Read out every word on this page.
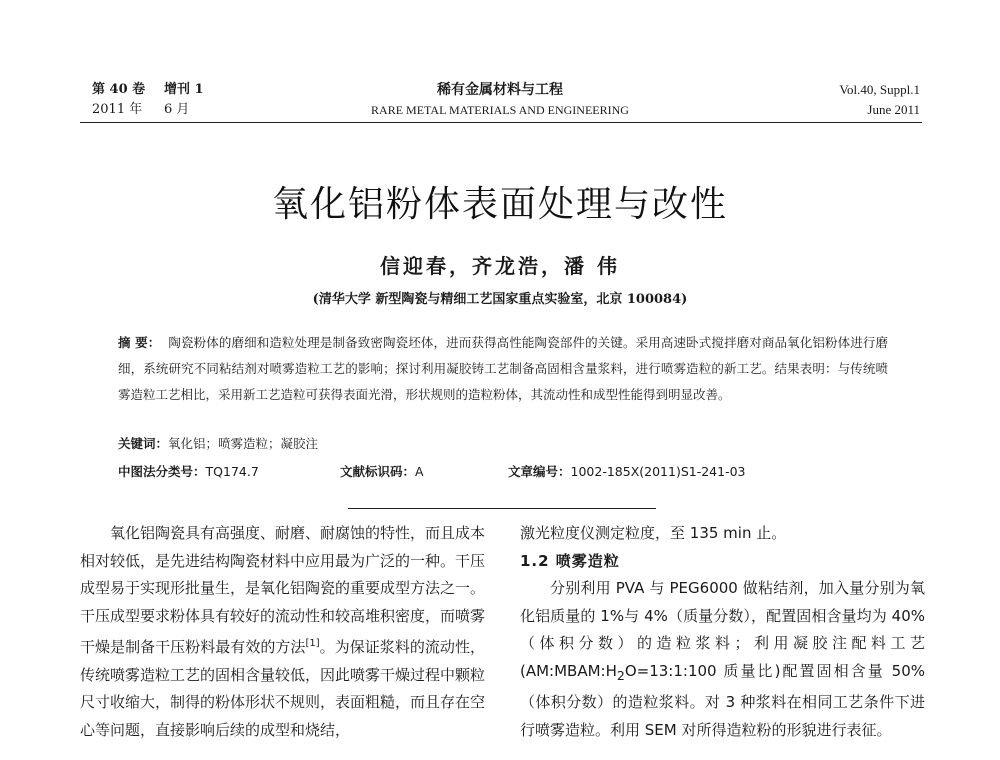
第 40 卷 增刊 1
2011 年 6 月
稀有金属材料与工程
RARE METAL MATERIALS AND ENGINEERING
Vol.40, Suppl.1
June 2011
氧化铝粉体表面处理与改性
信迎春，齐龙浩，潘 伟
(清华大学 新型陶瓷与精细工艺国家重点实验室，北京 100084)
摘 要： 陶瓷粉体的磨细和造粒处理是制备致密陶瓷坯体，进而获得高性能陶瓷部件的关键。采用高速卧式搅拌磨对商品氧化铝粉体进行磨细，系统研究不同粘结剂对喷雾造粒工艺的影响；探讨利用凝胶铸工艺制备高固相含量浆料，进行喷雾造粒的新工艺。结果表明：与传统喷雾造粒工艺相比，采用新工艺造粒可获得表面光滑，形状规则的造粒粉体，其流动性和成型性能得到明显改善。
关键词：氧化铝；喷雾造粒；凝胶注
中图法分类号：TQ174.7	文献标识码：A	文章编号：1002-185X(2011)S1-241-03

氧化铝陶瓷具有高强度、耐磨、耐腐蚀的特性，而且成本相对较低，是先进结构陶瓷材料中应用最为广泛的一种。干压成型易于实现形批量生，是氧化铝陶瓷的重要成型方法之一。干压成型要求粉体具有较好的流动性和较高堆积密度，而喷雾干燥是制备干压粉料最有效的方法[1]。为保证浆料的流动性，传统喷雾造粒工艺的固相含量较低，因此喷雾干燥过程中颗粒尺寸收缩大，制得的粉体形状不规则，表面粗糙，而且存在空心等问题，直接影响后续的成型和烧结，

激光粒度仪测定粒度，至 135 min 止。

1.2 喷雾造粒

分别利用 PVA 与 PEG6000 做粘结剂，加入量分别为氧化铝质量的 1%与 4%（质量分数），配置固相含量均为 40%（体积分数）的造粒浆料；利用凝胶注配料工艺($AM:MBAM:H_2O=13:1:100$ 质量比)配置固相含量 50%（体积分数）的造粒浆料。对 3 种浆料在相同工艺条件下进行喷雾造粒。利用 SEM 对所得造粒粉的形貌进行表征。
